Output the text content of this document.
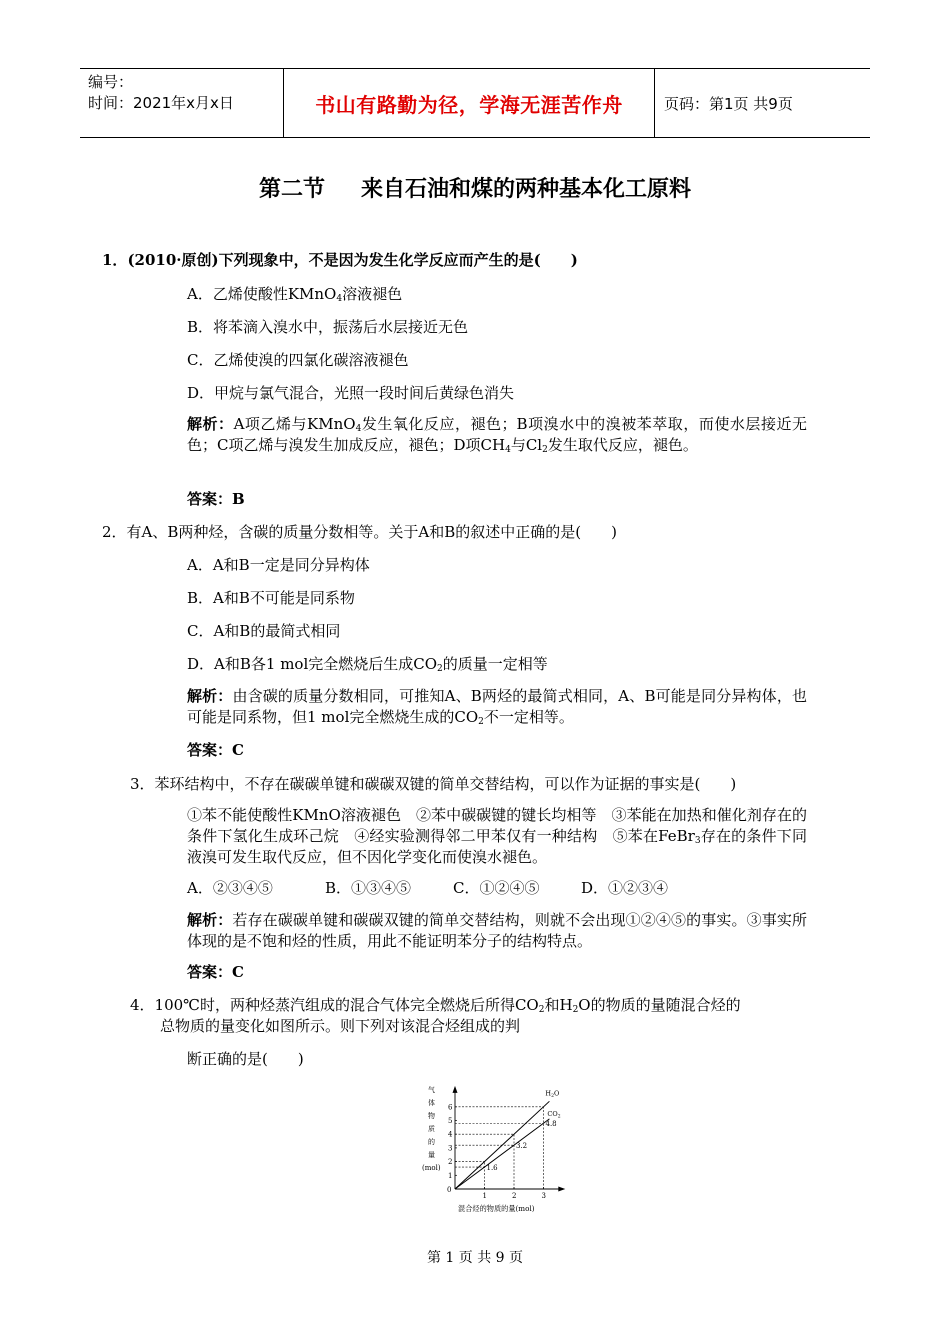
编号：
时间：2021年x月x日	书山有路勤为径，学海无涯苦作舟	页码：第1页 共9页
第二节 来自石油和煤的两种基本化工原料
1．(2010·原创)下列现象中，不是因为发生化学反应而产生的是(　　)
A．乙烯使酸性KMnO$_4$溶液褪色
B．将苯滴入溴水中，振荡后水层接近无色
C．乙烯使溴的四氯化碳溶液褪色
D．甲烷与氯气混合，光照一段时间后黄绿色消失
解析：A项乙烯与KMnO$_4$发生氧化反应，褪色；B项溴水中的溴被苯萃取，而使水层接近无色；C项乙烯与溴发生加成反应，褪色；D项$CH_4$与$Cl_2$发生取代反应，褪色。
答案：B
2．有A、B两种烃，含碳的质量分数相等。关于A和B的叙述中正确的是(　　)
A．A和B一定是同分异构体
B．A和B不可能是同系物
C．A和B的最简式相同
D．A和B各1 mol完全燃烧后生成$CO_2$的质量一定相等
解析：由含碳的质量分数相同，可推知A、B两烃的最简式相同，A、B可能是同分异构体，也可能是同系物，但1 mol完全燃烧生成的$CO_2$不一定相等。
答案：C
3．苯环结构中，不存在碳碳单键和碳碳双键的简单交替结构，可以作为证据的事实是(　　)
①苯不能使酸性KMnO溶液褪色　②苯中碳碳键的键长均相等　③苯能在加热和催化剂存在的条件下氢化生成环己烷　④经实验测得邻二甲苯仅有一种结构　⑤苯在FeBr$_3$存在的条件下同液溴可发生取代反应，但不因化学变化而使溴水褪色。
A．②③④⑤	B．①③④⑤	C．①②④⑤	D．①②③④
解析：若存在碳碳单键和碳碳双键的简单交替结构，则就不会出现①②④⑤的事实。③事实所体现的是不饱和烃的性质，用此不能证明苯分子的结构特点。
答案：C
4．100℃时，两种烃蒸汽组成的混合气体完全燃烧后所得$CO_2$和$H_2O$的物质的量随混合烃的
总物质的量变化如图所示。则下列对该混合烃组成的判
断正确的是(　　)
0
1	2	3
1
2
3
4
5
6
气
体
物
质
的
量
(mol)
混合烃的物质的量(mol)
$H_2O$
$CO_2$
1.6
3.2
4.8
第 1 页 共 9 页
